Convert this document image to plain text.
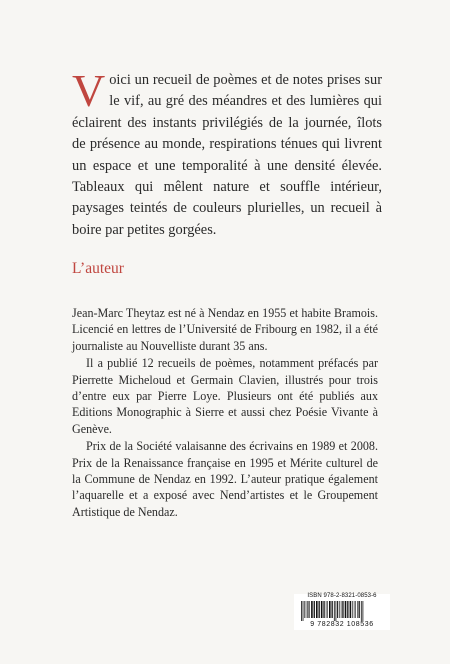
Voici un recueil de poèmes et de notes prises sur le vif, au gré des méandres et des lumières qui éclairent des instants privilégiés de la journée, îlots de présence au monde, respirations ténues qui livrent un espace et une temporalité à une densité élevée. Tableaux qui mêlent nature et souffle intérieur, paysages teintés de couleurs plurielles, un recueil à boire par petites gorgées.
L’auteur

Jean-Marc Theytaz est né à Nendaz en 1955 et habite Bramois. Licencié en lettres de l’Université de Fribourg en 1982, il a été journaliste au Nouvelliste durant 35 ans.

Il a publié 12 recueils de poèmes, notamment préfacés par Pierrette Micheloud et Germain Clavien, illustrés pour trois d’entre eux par Pierre Loye. Plusieurs ont été publiés aux Editions Monographic à Sierre et aussi chez Poésie Vivante à Genève.

Prix de la Société valaisanne des écrivains en 1989 et 2008. Prix de la Renaissance française en 1995 et Mérite culturel de la Commune de Nendaz en 1992. L’auteur pratique également l’aquarelle et a exposé avec Nend’artistes et le Groupement Artistique de Nendaz.

ISBN 978-2-8321-0853-6
9 782832 108536
